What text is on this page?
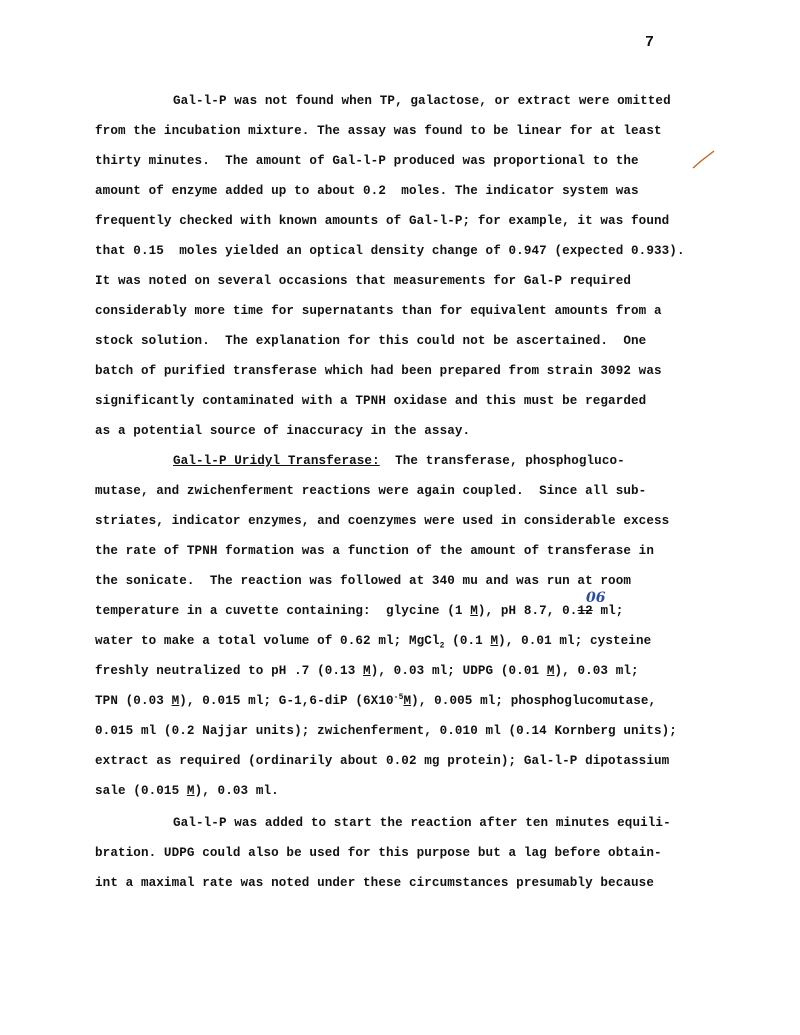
7
Gal-l-P was not found when TP, galactose, or extract were omitted
from the incubation mixture. The assay was found to be linear for at least
thirty minutes.  The amount of Gal-l-P produced was proportional to the
amount of enzyme added up to about 0.2  moles. The indicator system was
frequently checked with known amounts of Gal-l-P; for example, it was found
that 0.15  moles yielded an optical density change of 0.947 (expected 0.933).
It was noted on several occasions that measurements for Gal-P required
considerably more time for supernatants than for equivalent amounts from a
stock solution.  The explanation for this could not be ascertained.  One
batch of purified transferase which had been prepared from strain 3092 was
significantly contaminated with a TPNH oxidase and this must be regarded
as a potential source of inaccuracy in the assay.
Gal-l-P Uridyl Transferase:  The transferase, phosphogluco-
mutase, and zwichenferment reactions were again coupled.  Since all sub-
striates, indicator enzymes, and coenzymes were used in considerable excess
the rate of TPNH formation was a function of the amount of transferase in
the sonicate.  The reaction was followed at 340 mu and was run at room
06
temperature in a cuvette containing:  glycine (1 M), pH 8.7, 0.12 ml;
water to make a total volume of 0.62 ml; MgCl$_2$ (0.1 M), 0.01 ml; cysteine
freshly neutralized to pH .7 (0.13 M), 0.03 ml; UDPG (0.01 M), 0.03 ml;
TPN (0.03 M), 0.015 ml; G-1,6-diP $(6X10^{-5}M)$, 0.005 ml; phosphoglucomutase,
0.015 ml (0.2 Najjar units); zwichenferment, 0.010 ml (0.14 Kornberg units);
extract as required (ordinarily about 0.02 mg protein); Gal-l-P dipotassium
sale (0.015 M), 0.03 ml.
Gal-l-P was added to start the reaction after ten minutes equili-
bration. UDPG could also be used for this purpose but a lag before obtain-
int a maximal rate was noted under these circumstances presumably because
